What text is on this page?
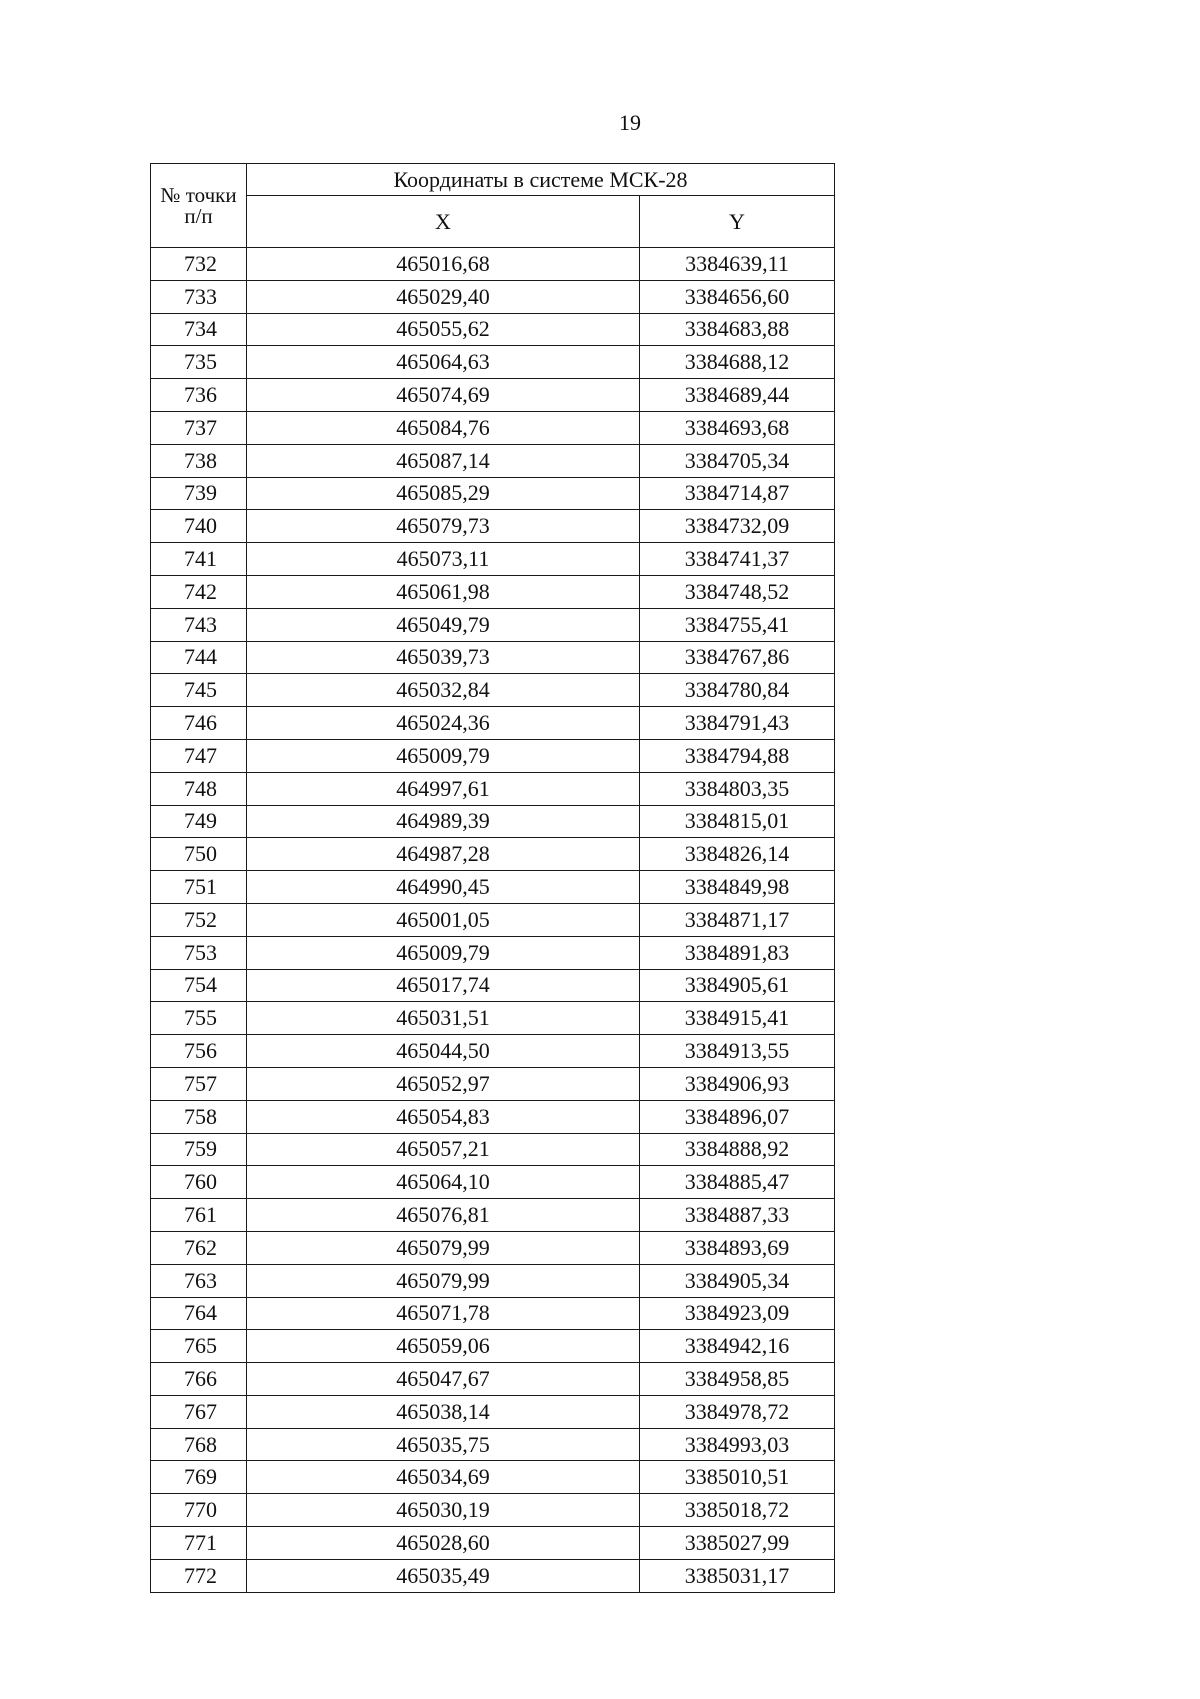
19
№ точки п/п	Координаты в системе МСК-28	
	X	Y
732	465016,68	3384639,11
733	465029,40	3384656,60
734	465055,62	3384683,88
735	465064,63	3384688,12
736	465074,69	3384689,44
737	465084,76	3384693,68
738	465087,14	3384705,34
739	465085,29	3384714,87
740	465079,73	3384732,09
741	465073,11	3384741,37
742	465061,98	3384748,52
743	465049,79	3384755,41
744	465039,73	3384767,86
745	465032,84	3384780,84
746	465024,36	3384791,43
747	465009,79	3384794,88
748	464997,61	3384803,35
749	464989,39	3384815,01
750	464987,28	3384826,14
751	464990,45	3384849,98
752	465001,05	3384871,17
753	465009,79	3384891,83
754	465017,74	3384905,61
755	465031,51	3384915,41
756	465044,50	3384913,55
757	465052,97	3384906,93
758	465054,83	3384896,07
759	465057,21	3384888,92
760	465064,10	3384885,47
761	465076,81	3384887,33
762	465079,99	3384893,69
763	465079,99	3384905,34
764	465071,78	3384923,09
765	465059,06	3384942,16
766	465047,67	3384958,85
767	465038,14	3384978,72
768	465035,75	3384993,03
769	465034,69	3385010,51
770	465030,19	3385018,72
771	465028,60	3385027,99
772	465035,49	3385031,17
